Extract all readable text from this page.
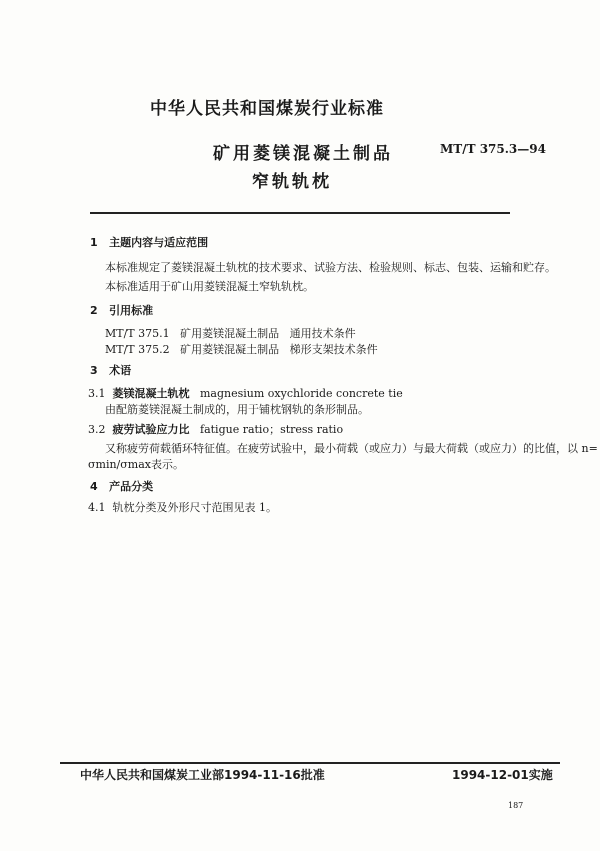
中华人民共和国煤炭行业标准
矿用菱镁混凝土制品
窄轨轨枕
MT/T 375.3—94
1 主题内容与适应范围
本标准规定了菱镁混凝土轨枕的技术要求、试验方法、检验规则、标志、包装、运输和贮存。
本标准适用于矿山用菱镁混凝土窄轨轨枕。
2 引用标准
MT/T 375.1 矿用菱镁混凝土制品 通用技术条件
MT/T 375.2 矿用菱镁混凝土制品 梯形支架技术条件
3 术语
3.1 菱镁混凝土轨枕 magnesium oxychloride concrete tie
由配筋菱镁混凝土制成的，用于铺枕钢轨的条形制品。
3.2 疲劳试验应力比 fatigue ratio；stress ratio
又称疲劳荷载循环特征值。在疲劳试验中，最小荷载（或应力）与最大荷载（或应力）的比值，以 n=
σmin/σmax表示。
4 产品分类
4.1 轨枕分类及外形尺寸范围见表 1。
中华人民共和国煤炭工业部1994-11-16批准	1994-12-01实施
187
